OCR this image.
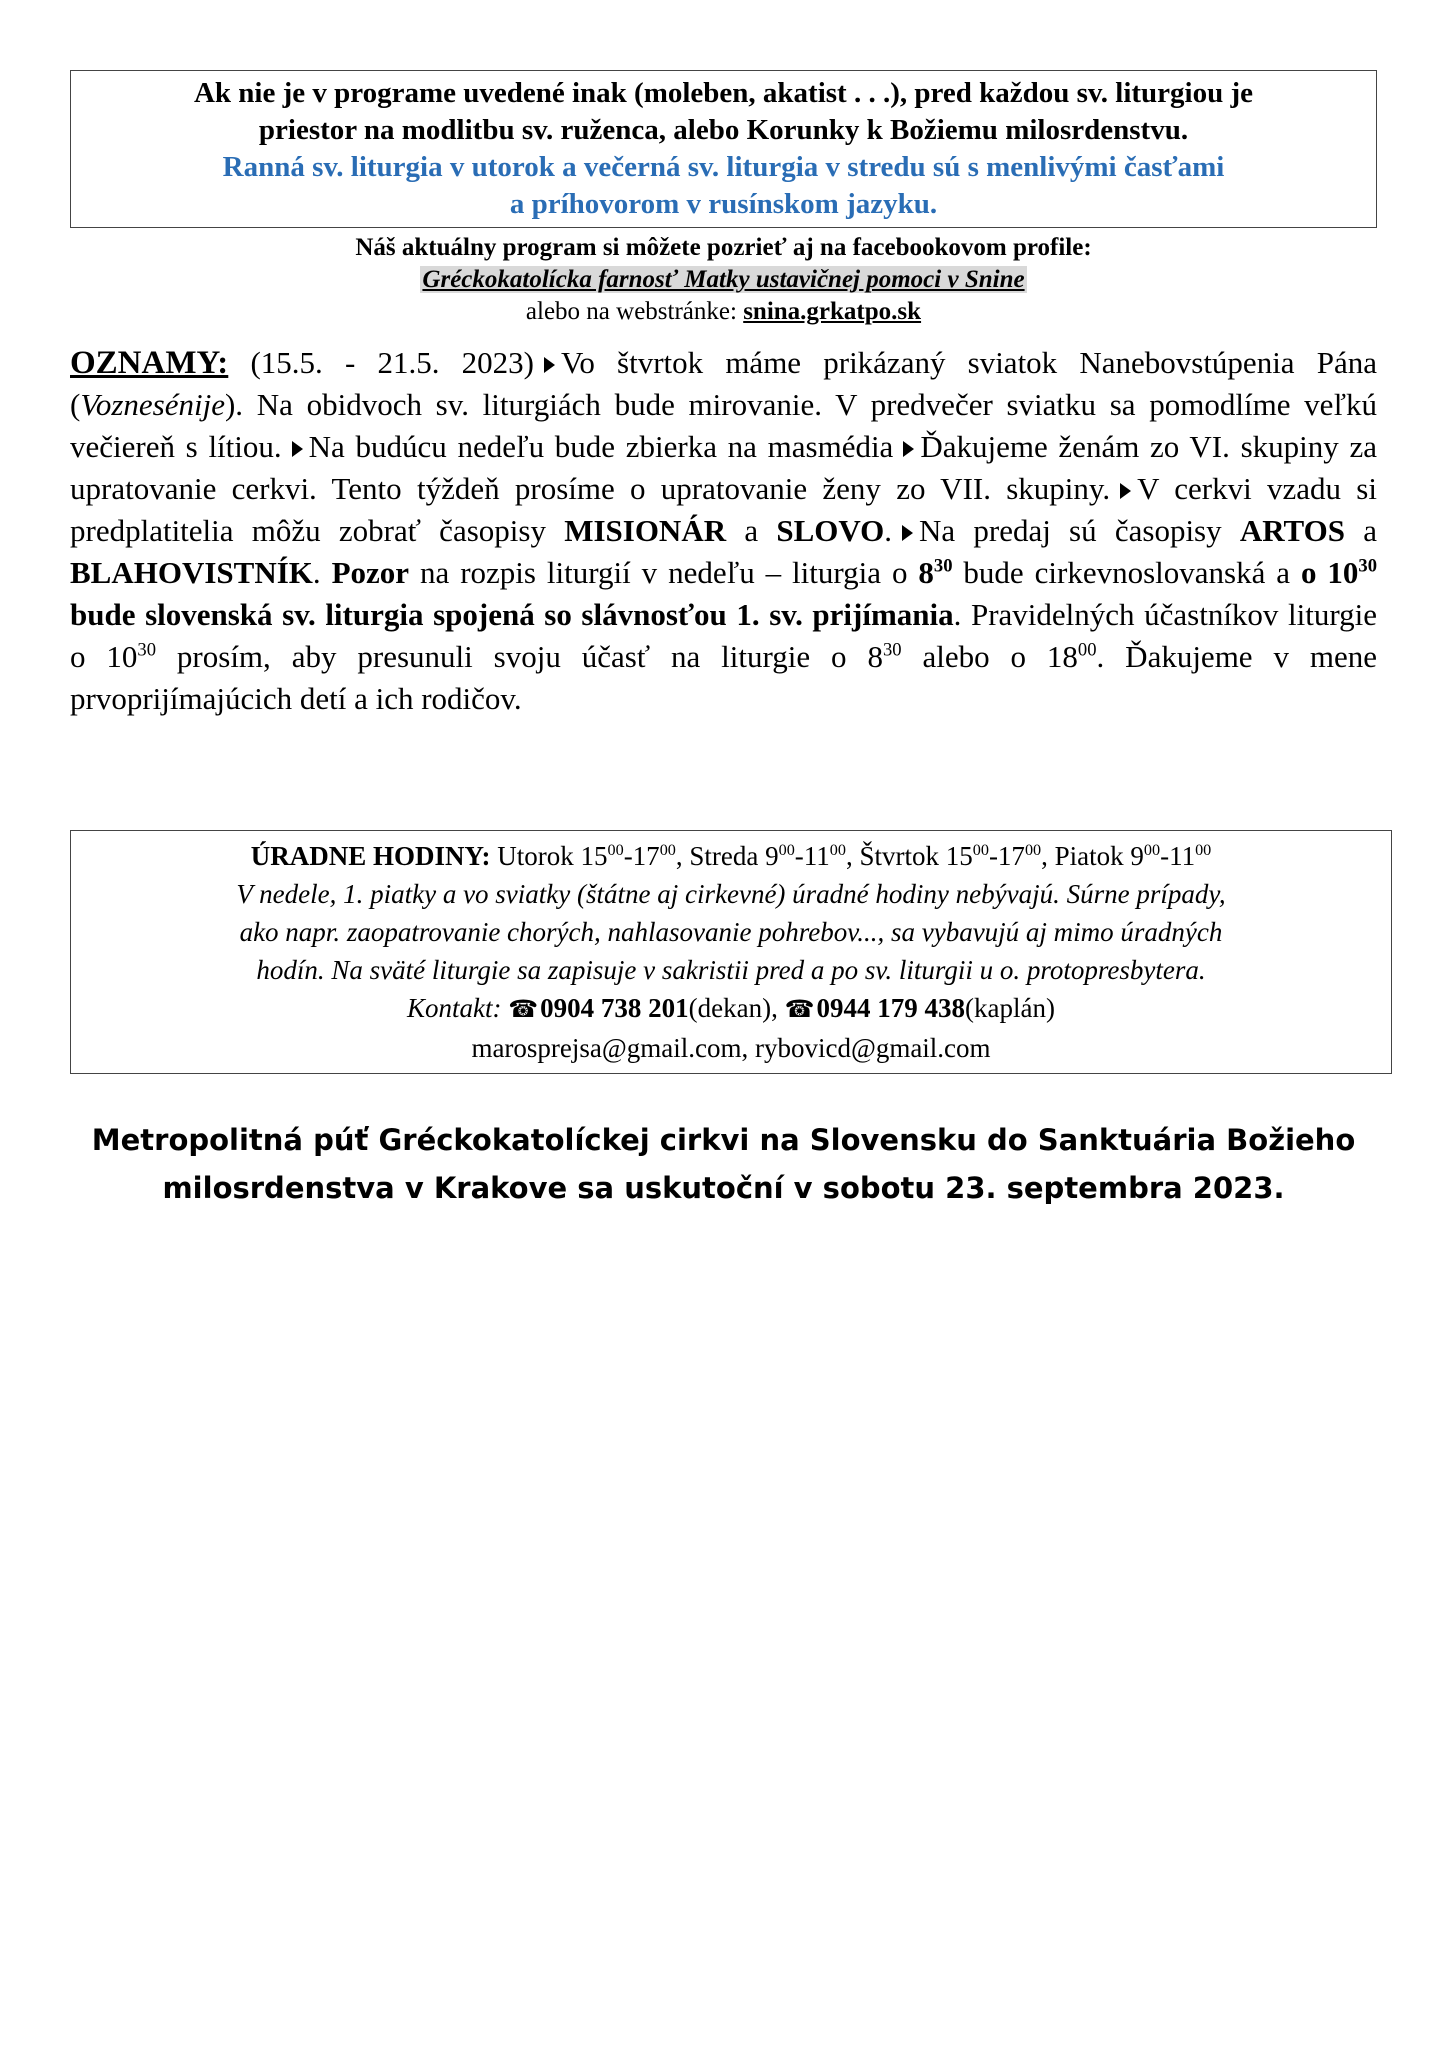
Ak nie je v programe uvedené inak (moleben, akatist . . .), pred každou sv. liturgiou je
priestor na modlitbu sv. ruženca, alebo Korunky k Božiemu milosrdenstvu.
Ranná sv. liturgia v utorok a večerná sv. liturgia v stredu sú s menlivými časťami
a príhovorom v rusínskom jazyku.
Náš aktuálny program si môžete pozrieť aj na facebookovom profile:
Gréckokatolícka farnosť Matky ustavičnej pomoci v Snine
alebo na webstránke: snina.grkatpo.sk
OZNAMY: (15.5. - 21.5. 2023) Vo štvrtok máme prikázaný sviatok Nanebovstúpenia Pána (Voznesénije). Na obidvoch sv. liturgiách bude mirovanie. V predvečer sviatku sa pomodlíme veľkú večiereň s lítiou. Na budúcu nedeľu bude zbierka na masmédia Ďakujeme ženám zo VI. skupiny za upratovanie cerkvi. Tento týždeň prosíme o upratovanie ženy zo VII. skupiny. V cerkvi vzadu si predplatitelia môžu zobrať časopisy MISIONÁR a SLOVO. Na predaj sú časopisy ARTOS a BLAHOVISTNÍK. Pozor na rozpis liturgií v nedeľu – liturgia o $8^{30}$ bude cirkevnoslovanská a o $10^{30}$ bude slovenská sv. liturgia spojená so slávnosťou 1. sv. prijímania. Pravidelných účastníkov liturgie o $10^{30}$ prosím, aby presunuli svoju účasť na liturgie o $8^{30}$ alebo o $18^{00}$. Ďakujeme v mene prvoprijímajúcich detí a ich rodičov.
ÚRADNE HODINY: Utorok $15^{00}-17^{00}$, Streda $9^{00}-11^{00}$, Štvrtok $15^{00}-17^{00}$, Piatok $9^{00}-11^{00}$
V nedele, 1. piatky a vo sviatky (štátne aj cirkevné) úradné hodiny nebývajú. Súrne prípady,
ako napr. zaopatrovanie chorých, nahlasovanie pohrebov..., sa vybavujú aj mimo úradných
hodín. Na sväté liturgie sa zapisuje v sakristii pred a po sv. liturgii u o. protopresbytera.
Kontakt: ☎0904 738 201(dekan), ☎0944 179 438(kaplán)
marosprejsa@gmail.com, rybovicd@gmail.com
Metropolitná púť Gréckokatolíckej cirkvi na Slovensku do Sanktuária Božieho
milosrdenstva v Krakove sa uskutoční v sobotu 23. septembra 2023.
